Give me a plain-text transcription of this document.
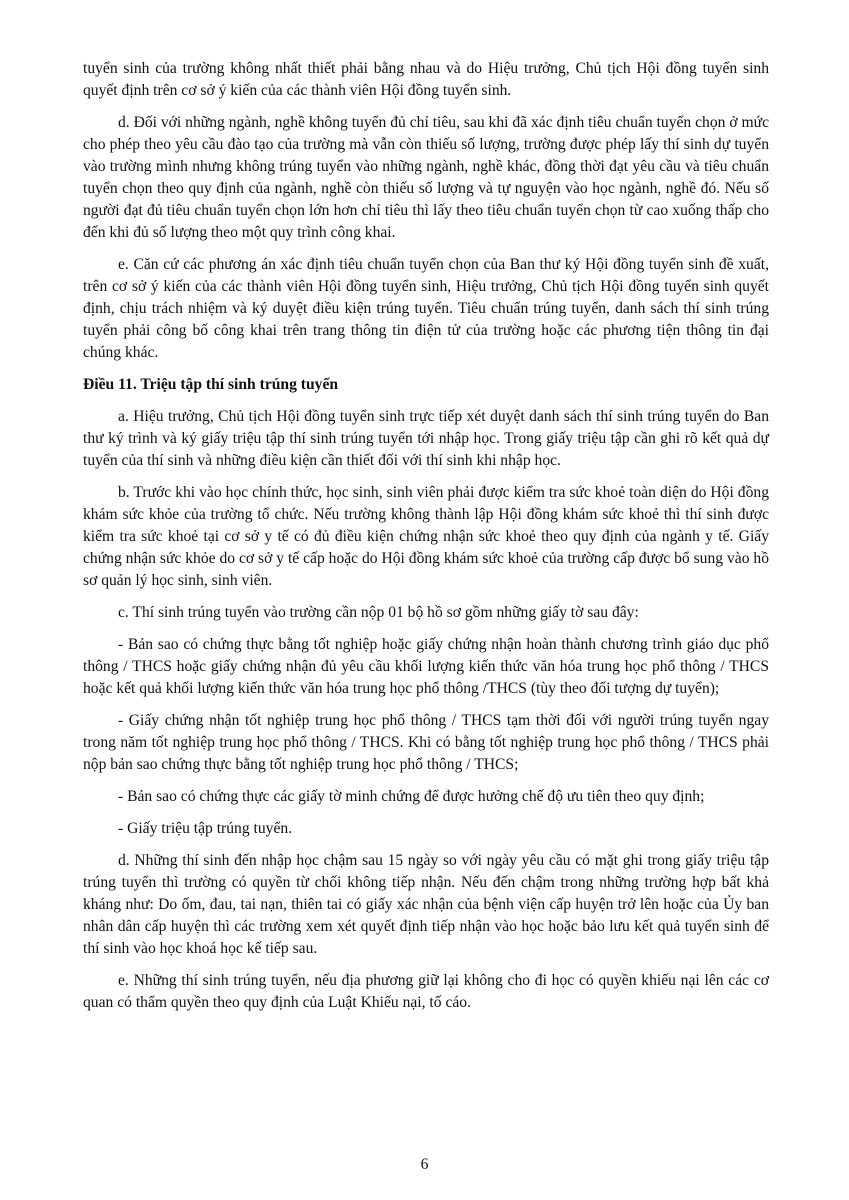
tuyển sinh của trường không nhất thiết phải bằng nhau và do Hiệu trưởng, Chủ tịch Hội đồng tuyển sinh quyết định trên cơ sở ý kiến của các thành viên Hội đồng tuyển sinh.

d. Đối với những ngành, nghề không tuyển đủ chỉ tiêu, sau khi đã xác định tiêu chuẩn tuyển chọn ở mức cho phép theo yêu cầu đào tạo của trường mà vẫn còn thiếu số lượng, trường được phép lấy thí sinh dự tuyển vào trường mình nhưng không trúng tuyển vào những ngành, nghề khác, đồng thời đạt yêu cầu và tiêu chuẩn tuyển chọn theo quy định của ngành, nghề còn thiếu số lượng và tự nguyện vào học ngành, nghề đó. Nếu số người đạt đủ tiêu chuẩn tuyển chọn lớn hơn chỉ tiêu thì lấy theo tiêu chuẩn tuyển chọn từ cao xuống thấp cho đến khi đủ số lượng theo một quy trình công khai.

e. Căn cứ các phương án xác định tiêu chuẩn tuyển chọn của Ban thư ký Hội đồng tuyển sinh đề xuất, trên cơ sở ý kiến của các thành viên Hội đồng tuyển sinh, Hiệu trưởng, Chủ tịch Hội đồng tuyển sinh quyết định, chịu trách nhiệm và ký duyệt điều kiện trúng tuyển. Tiêu chuẩn trúng tuyển, danh sách thí sinh trúng tuyển phải công bố công khai trên trang thông tin điện tử của trường hoặc các phương tiện thông tin đại chúng khác.

Điều 11. Triệu tập thí sinh trúng tuyển

a. Hiệu trưởng, Chủ tịch Hội đồng tuyển sinh trực tiếp xét duyệt danh sách thí sinh trúng tuyển do Ban thư ký trình và ký giấy triệu tập thí sinh trúng tuyển tới nhập học. Trong giấy triệu tập cần ghi rõ kết quả dự tuyển của thí sinh và những điều kiện cần thiết đối với thí sinh khi nhập học.

b. Trước khi vào học chính thức, học sinh, sinh viên phải được kiểm tra sức khoẻ toàn diện do Hội đồng khám sức khỏe của trường tổ chức. Nếu trường không thành lập Hội đồng khám sức khoẻ thì thí sinh được kiểm tra sức khoẻ tại cơ sở y tế có đủ điều kiện chứng nhận sức khoẻ theo quy định của ngành y tế. Giấy chứng nhận sức khỏe do cơ sở y tế cấp hoặc do Hội đồng khám sức khoẻ của trường cấp được bổ sung vào hồ sơ quản lý học sinh, sinh viên.

c. Thí sinh trúng tuyển vào trường cần nộp 01 bộ hồ sơ gồm những giấy tờ sau đây:

- Bản sao có chứng thực bằng tốt nghiệp hoặc giấy chứng nhận hoàn thành chương trình giáo dục phổ thông / THCS hoặc giấy chứng nhận đủ yêu cầu khối lượng kiến thức văn hóa trung học phổ thông / THCS hoặc kết quả khối lượng kiến thức văn hóa trung học phổ thông /THCS (tùy theo đối tượng dự tuyển);

- Giấy chứng nhận tốt nghiệp trung học phổ thông / THCS tạm thời đối với người trúng tuyển ngay trong năm tốt nghiệp trung học phổ thông / THCS. Khi có bằng tốt nghiệp trung học phổ thông / THCS phải nộp bản sao chứng thực bằng tốt nghiệp trung học phổ thông / THCS;

- Bản sao có chứng thực các giấy tờ minh chứng để được hưởng chế độ ưu tiên theo quy định;

- Giấy triệu tập trúng tuyển.

d. Những thí sinh đến nhập học chậm sau 15 ngày so với ngày yêu cầu có mặt ghi trong giấy triệu tập trúng tuyển thì trường có quyền từ chối không tiếp nhận. Nếu đến chậm trong những trường hợp bất khả kháng như: Do ốm, đau, tai nạn, thiên tai có giấy xác nhận của bệnh viện cấp huyện trở lên hoặc của Ủy ban nhân dân cấp huyện thì các trường xem xét quyết định tiếp nhận vào học hoặc bảo lưu kết quả tuyển sinh để thí sinh vào học khoá học kế tiếp sau.

e. Những thí sinh trúng tuyển, nếu địa phương giữ lại không cho đi học có quyền khiếu nại lên các cơ quan có thẩm quyền theo quy định của Luật Khiếu nại, tố cáo.

6
